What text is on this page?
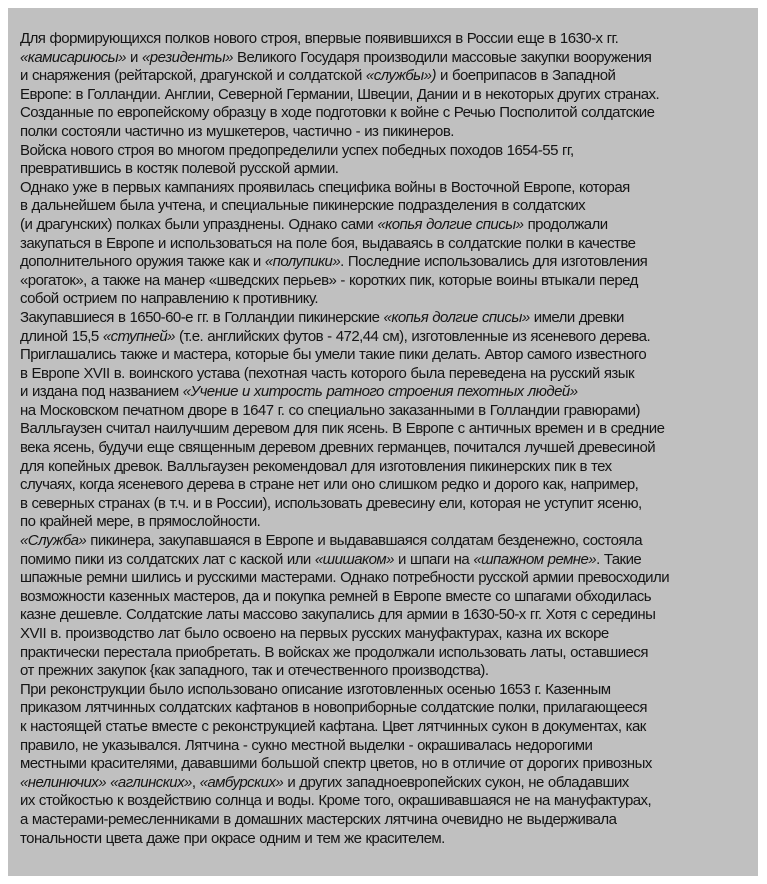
Для формирующихся полков нового строя, впервые появившихся в России еще в 1630-х гг.
«камисариюсы» и «резиденты» Великого Государя производили массовые закупки вооружения
и снаряжения (рейтарской, драгунской и солдатской «службы») и боеприпасов в Западной
Европе: в Голландии. Англии, Северной Германии, Швеции, Дании и в некоторых других странах.
Созданные по европейскому образцу в ходе подготовки к войне с Речью Посполитой солдатские
полки состояли частично из мушкетеров, частично - из пикинеров.
Войска нового строя во многом предопределили успех победных походов 1654-55 гг,
превратившись в костяк полевой русской армии.
Однако уже в первых кампаниях проявилась специфика войны в Восточной Европе, которая
в дальнейшем была учтена, и специальные пикинерские подразделения в солдатских
(и драгунских) полках были упразднены. Однако сами «копья долгие списы» продолжали
закупаться в Европе и использоваться на поле боя, выдаваясь в солдатские полки в качестве
дополнительного оружия также как и «полупики». Последние использовались для изготовления
«рогаток», а также на манер «шведских перьев» - коротких пик, которые воины втыкали перед
собой острием по направлению к противнику.
Закупавшиеся в 1650-60-е гг. в Голландии пикинерские «копья долгие списы» имели древки
длиной 15,5 «ступней» (т.е. английских футов - 472,44 см), изготовленные из ясеневого дерева.
Приглашались также и мастера, которые бы умели такие пики делать. Автор самого известного
в Европе XVII в. воинского устава (пехотная часть которого была переведена на русский язык
и издана под названием «Учение и хитрость ратного строения пехотных людей»
на Московском печатном дворе в 1647 г. со специально заказанными в Голландии гравюрами)
Валльгаузен считал наилучшим деревом для пик ясень. В Европе с античных времен и в средние
века ясень, будучи еще священным деревом древних германцев, почитался лучшей древесиной
для копейных древок. Валльгаузен рекомендовал для изготовления пикинерских пик в тех
случаях, когда ясеневого дерева в стране нет или оно слишком редко и дорого как, например,
в северных странах (в т.ч. и в России), использовать древесину ели, которая не уступит ясеню,
по крайней мере, в прямослойности.
«Служба» пикинера, закупавшаяся в Европе и выдававшаяся солдатам безденежно, состояла
помимо пики из солдатских лат с каской или «шишаком» и шпаги на «шпажном ремне». Такие
шпажные ремни шились и русскими мастерами. Однако потребности русской армии превосходили
возможности казенных мастеров, да и покупка ремней в Европе вместе со шпагами обходилась
казне дешевле. Солдатские латы массово закупались для армии в 1630-50-х гг. Хотя с середины
XVII в. производство лат было освоено на первых русских мануфактурах, казна их вскоре
практически перестала приобретать. В войсках же продолжали использовать латы, оставшиеся
от прежних закупок {как западного, так и отечественного производства).
При реконструкции было использовано описание изготовленных осенью 1653 г. Казенным
приказом лятчинных солдатских кафтанов в новоприборные солдатские полки, прилагающееся
к настоящей статье вместе с реконструкцией кафтана. Цвет лятчинных сукон в документах, как
правило, не указывался. Лятчина - сукно местной выделки - окрашивалась недорогими
местными красителями, дававшими большой спектр цветов, но в отличие от дорогих привозных
«нелинючих» «аглинских», «амбурских» и других западноевропейских сукон, не обладавших
их стойкостью к воздействию солнца и воды. Кроме того, окрашивавшаяся не на мануфактурах,
а мастерами-ремесленниками в домашних мастерских лятчина очевидно не выдерживала
тональности цвета даже при окрасе одним и тем же красителем.
